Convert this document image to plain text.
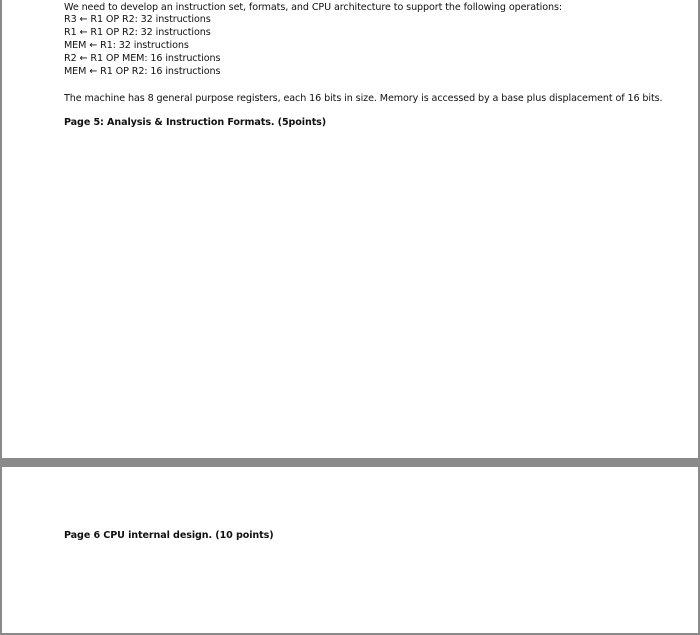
We need to develop an instruction set, formats, and CPU architecture to support the following operations:
R3 ← R1 OP R2: 32 instructions
R1 ← R1 OP R2: 32 instructions
MEM ← R1: 32 instructions
R2 ← R1 OP MEM: 16 instructions
MEM ← R1 OP R2: 16 instructions
The machine has 8 general purpose registers, each 16 bits in size. Memory is accessed by a base plus displacement of 16 bits.
Page 5: Analysis & Instruction Formats. (5points)
Page 6 CPU internal design. (10 points)
